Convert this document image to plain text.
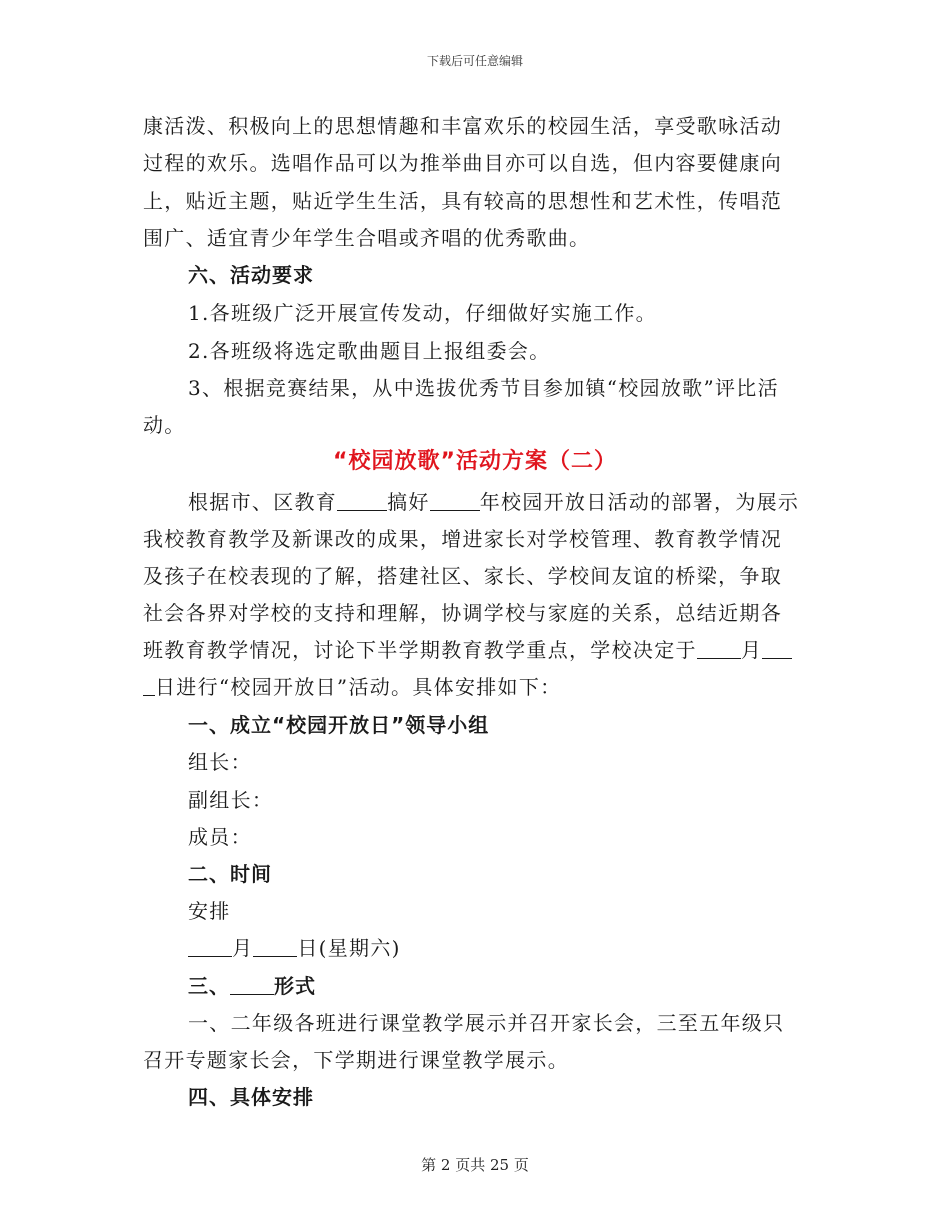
下载后可任意编辑
康活泼、积极向上的思想情趣和丰富欢乐的校园生活，享受歌咏活动
过程的欢乐。选唱作品可以为推举曲目亦可以自选，但内容要健康向
上，贴近主题，贴近学生生活，具有较高的思想性和艺术性，传唱范
围广、适宜青少年学生合唱或齐唱的优秀歌曲。
六、活动要求
1.各班级广泛开展宣传发动，仔细做好实施工作。
2.各班级将选定歌曲题目上报组委会。
3、根据竞赛结果，从中选拔优秀节目参加镇“校园放歌”评比活
动。
“校园放歌”活动方案（二）
根据市、区教育	搞好	年校园开放日活动的部署，为展示
我校教育教学及新课改的成果，增进家长对学校管理、教育教学情况
及孩子在校表现的了解，搭建社区、家长、学校间友谊的桥梁，争取
社会各界对学校的支持和理解，协调学校与家庭的关系，总结近期各
班教育教学情况，讨论下半学期教育教学重点，学校决定于 月
日进行“校园开放日”活动。具体安排如下：
一、成立“校园开放日”领导小组
组长：
副组长：
成员：
二、时间
安排
月 日(星期六)
三、 形式
一、二年级各班进行课堂教学展示并召开家长会，三至五年级只
召开专题家长会，下学期进行课堂教学展示。
四、具体安排
第 2 页共 25 页
